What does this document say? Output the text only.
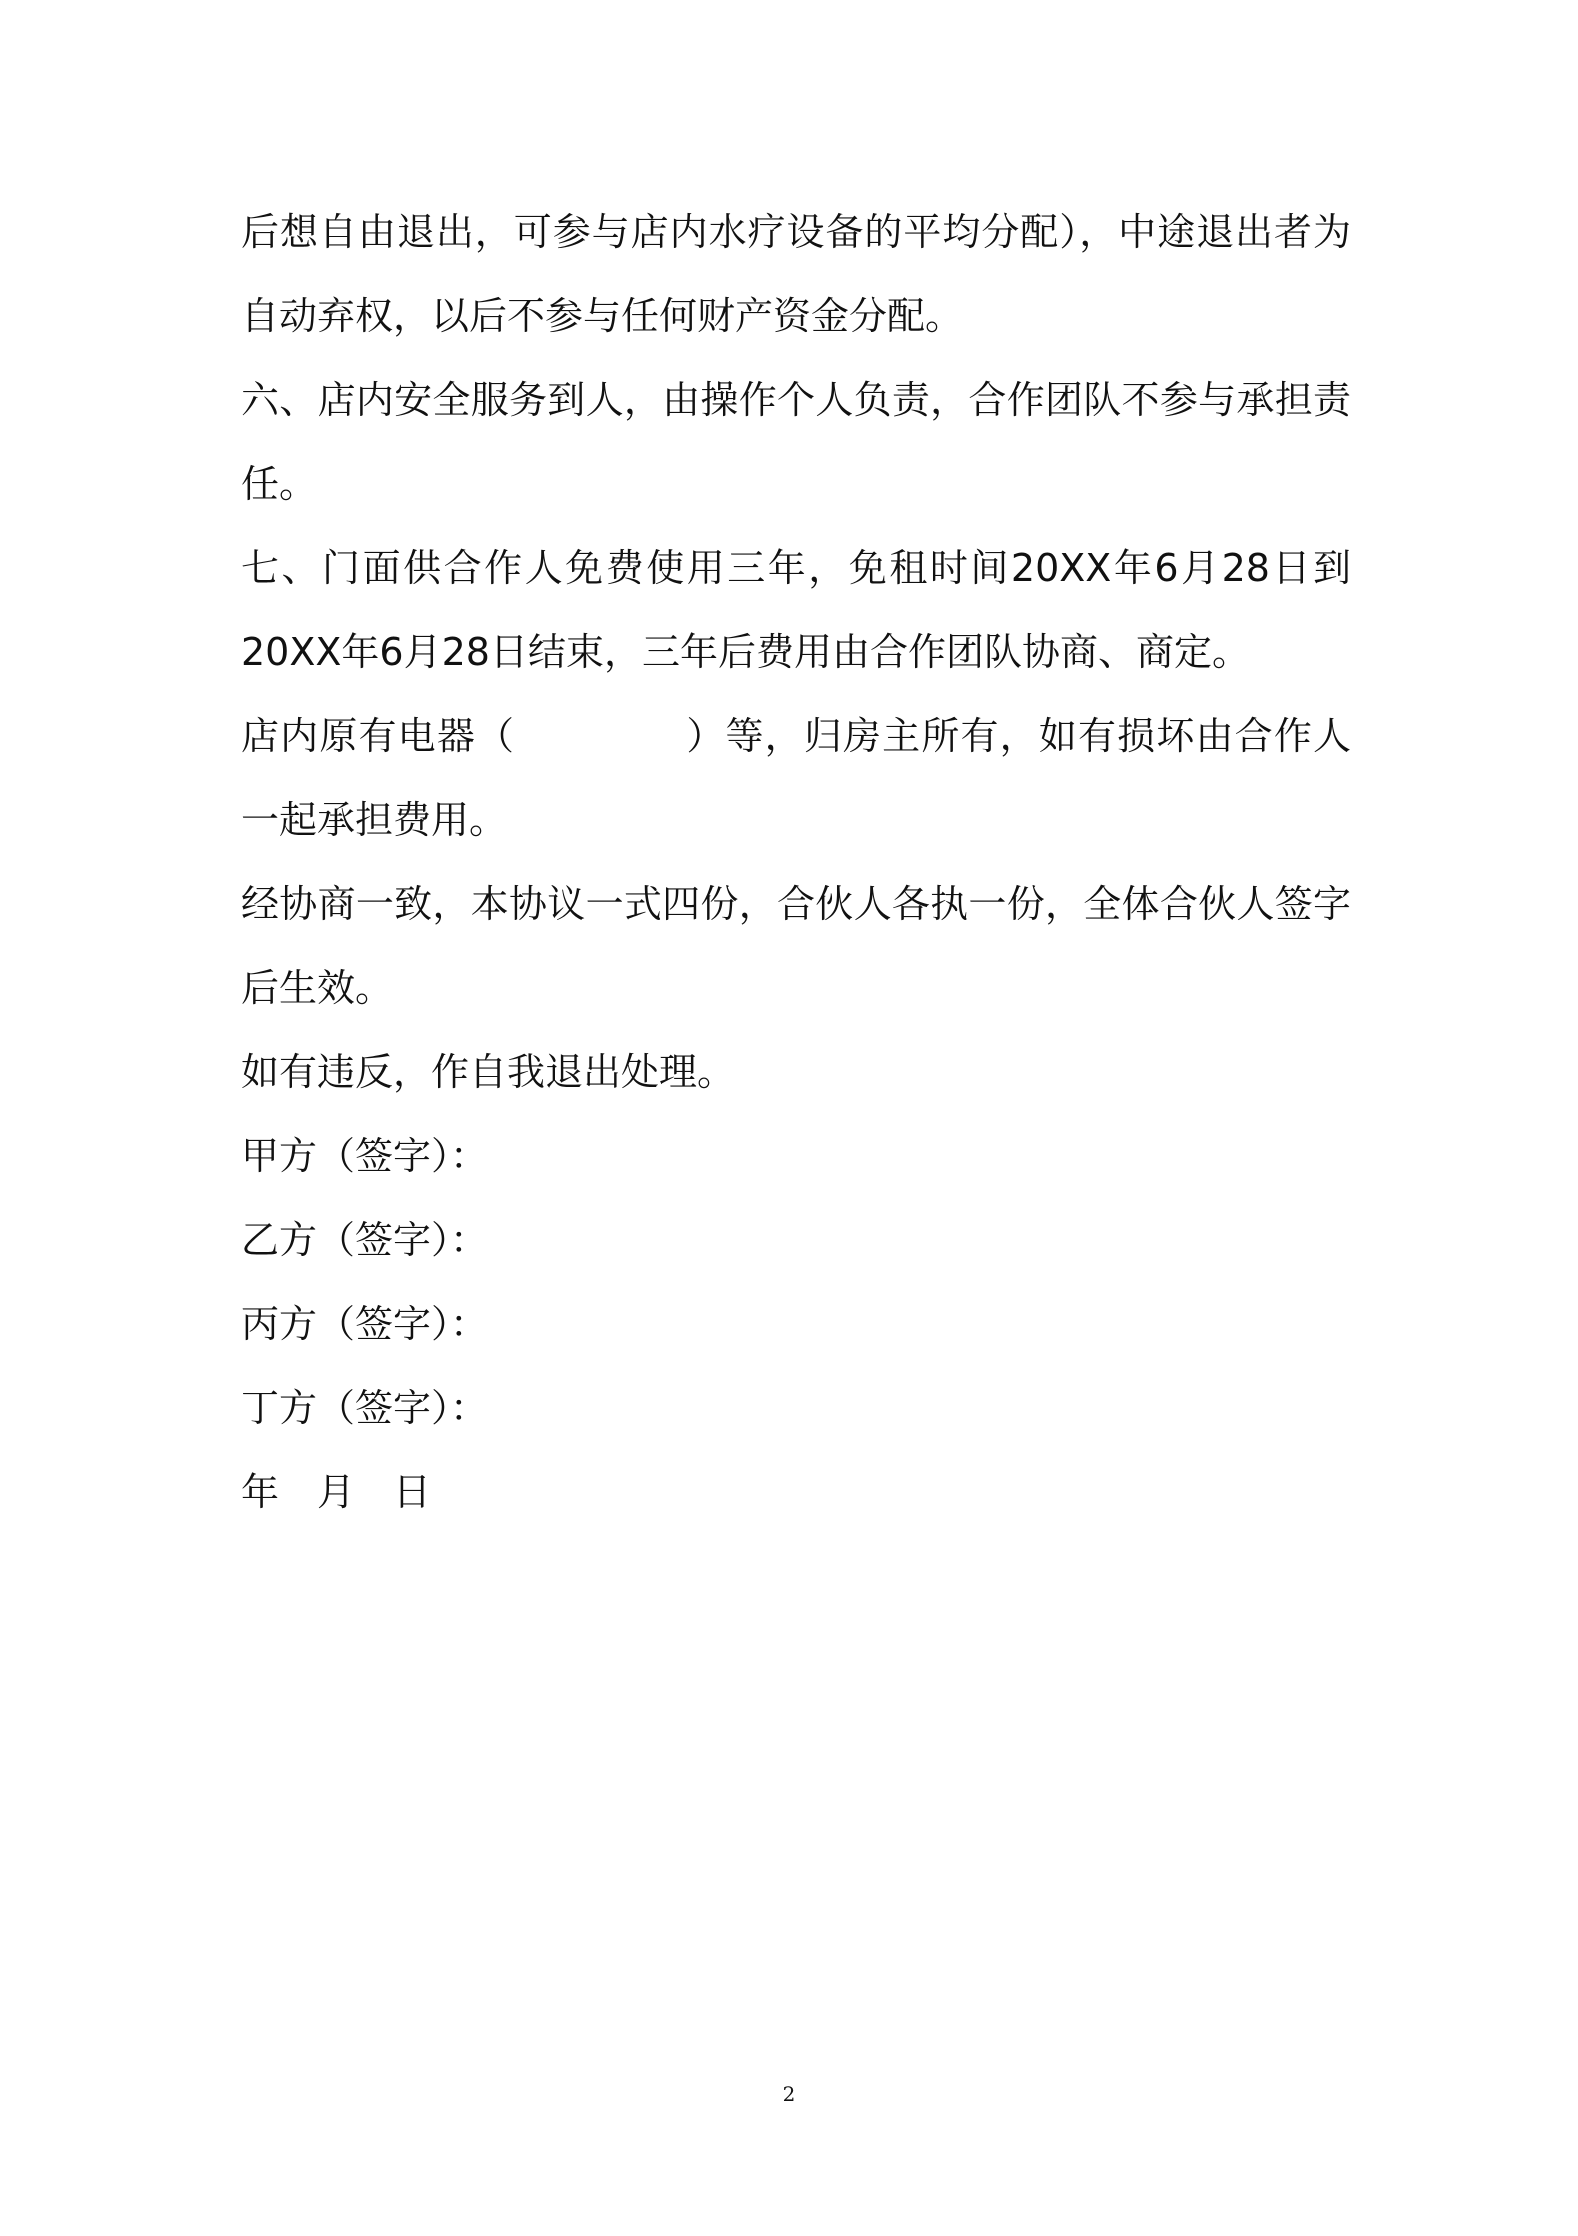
后想自由退出，可参与店内水疗设备的平均分配），中途退出者为自动弃权，以后不参与任何财产资金分配。

六、店内安全服务到人，由操作个人负责，合作团队不参与承担责任。

七、门面供合作人免费使用三年，免租时间20XX年6月28日到20XX年6月28日结束，三年后费用由合作团队协商、商定。

店内原有电器（	）等，归房主所有，如有损坏由合作人一起承担费用。

经协商一致，本协议一式四份，合伙人各执一份，全体合伙人签字后生效。

如有违反，作自我退出处理。

甲方（签字）：

乙方（签字）：

丙方（签字）：

丁方（签字）：

年　月　日

2
